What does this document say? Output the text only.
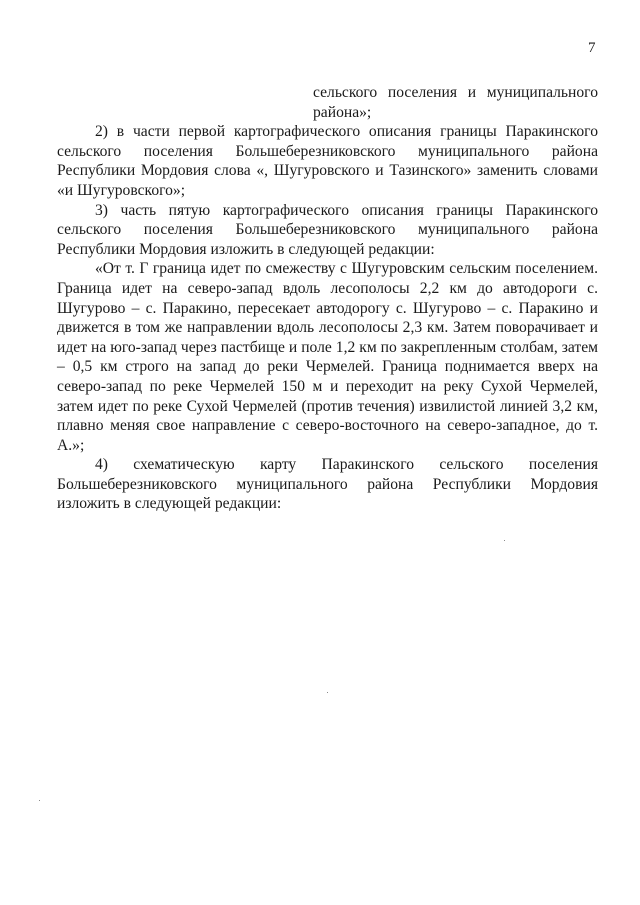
7

сельского поселения и муниципального района»;

2) в части первой картографического описания границы Паракинского сельского поселения Большеберезниковского муниципального района Республики Мордовия слова «, Шугуровского и Тазинского» заменить словами «и Шугуровского»;

3) часть пятую картографического описания границы Паракинского сельского поселения Большеберезниковского муниципального района Республики Мордовия изложить в следующей редакции:

«От т. Г граница идет по смежеству с Шугуровским сельским поселением. Граница идет на северо-запад вдоль лесополосы 2,2 км до автодороги с. Шугурово – с. Паракино, пересекает автодорогу с. Шугурово – с. Паракино и движется в том же направлении вдоль лесополосы 2,3 км. Затем поворачивает и идет на юго-запад через пастбище и поле 1,2 км по закрепленным столбам, затем – 0,5 км строго на запад до реки Чермелей. Граница поднимается вверх на северо-запад по реке Чермелей 150 м и переходит на реку Сухой Чермелей, затем идет по реке Сухой Чермелей (против течения) извилистой линией 3,2 км, плавно меняя свое направление с северо-восточного на северо-западное, до т. А.»;

4) схематическую карту Паракинского сельского поселения Большеберезниковского муниципального района Республики Мордовия изложить в следующей редакции:
